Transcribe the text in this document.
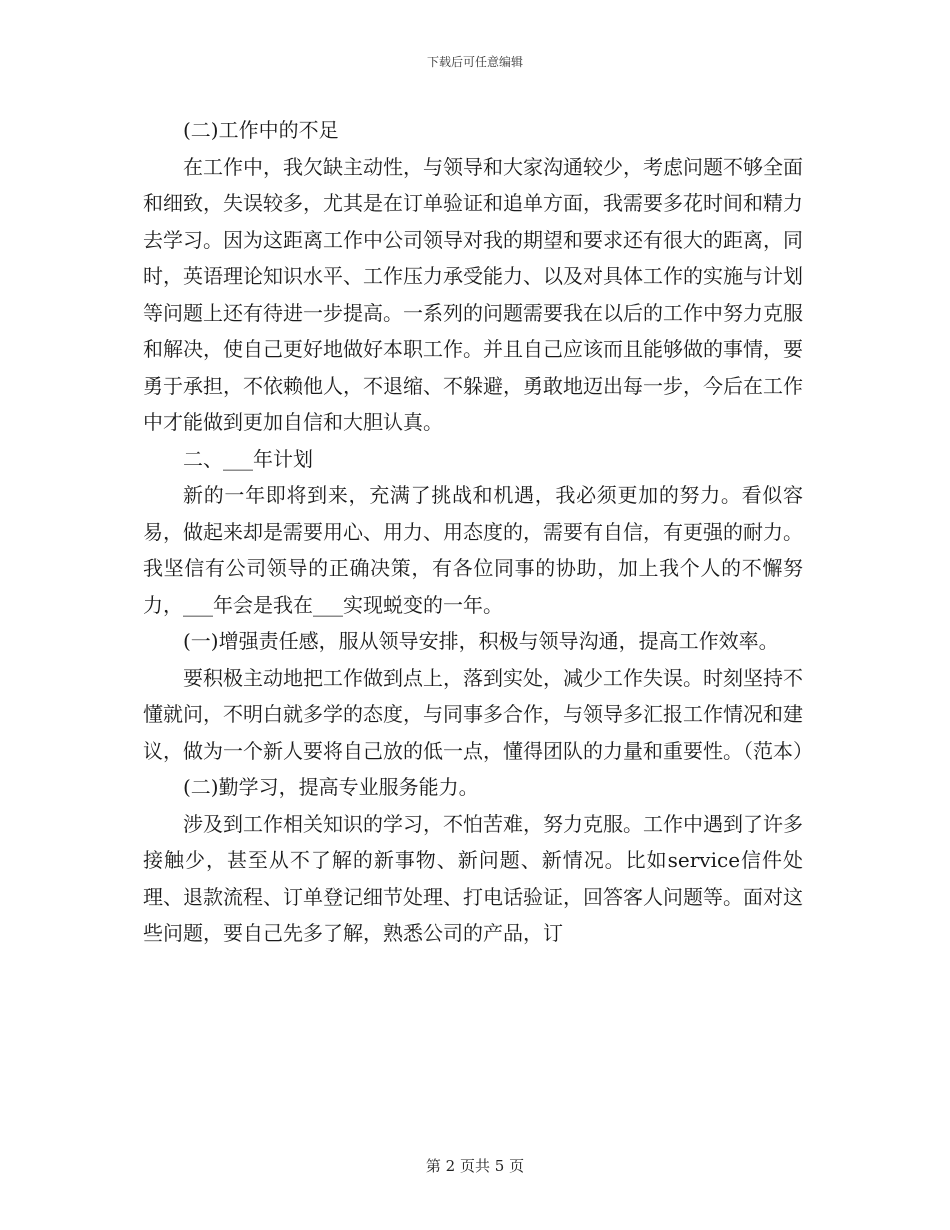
下载后可任意编辑

(二)工作中的不足

在工作中，我欠缺主动性，与领导和大家沟通较少，考虑问题不够全面和细致，失误较多，尤其是在订单验证和追单方面，我需要多花时间和精力去学习。因为这距离工作中公司领导对我的期望和要求还有很大的距离，同时，英语理论知识水平、工作压力承受能力、以及对具体工作的实施与计划等问题上还有待进一步提高。一系列的问题需要我在以后的工作中努力克服和解决，使自己更好地做好本职工作。并且自己应该而且能够做的事情，要勇于承担，不依赖他人，不退缩、不躲避，勇敢地迈出每一步，今后在工作中才能做到更加自信和大胆认真。

二、___年计划

新的一年即将到来，充满了挑战和机遇，我必须更加的努力。看似容易，做起来却是需要用心、用力、用态度的，需要有自信，有更强的耐力。我坚信有公司领导的正确决策，有各位同事的协助，加上我个人的不懈努力，___年会是我在___实现蜕变的一年。

(一)增强责任感，服从领导安排，积极与领导沟通，提高工作效率。

要积极主动地把工作做到点上，落到实处，减少工作失误。时刻坚持不懂就问，不明白就多学的态度，与同事多合作，与领导多汇报工作情况和建议，做为一个新人要将自己放的低一点，懂得团队的力量和重要性。（范本）

(二)勤学习，提高专业服务能力。

涉及到工作相关知识的学习，不怕苦难，努力克服。工作中遇到了许多接触少，甚至从不了解的新事物、新问题、新情况。比如service信件处理、退款流程、订单登记细节处理、打电话验证，回答客人问题等。面对这些问题，要自己先多了解，熟悉公司的产品，订

第 2 页共 5 页
